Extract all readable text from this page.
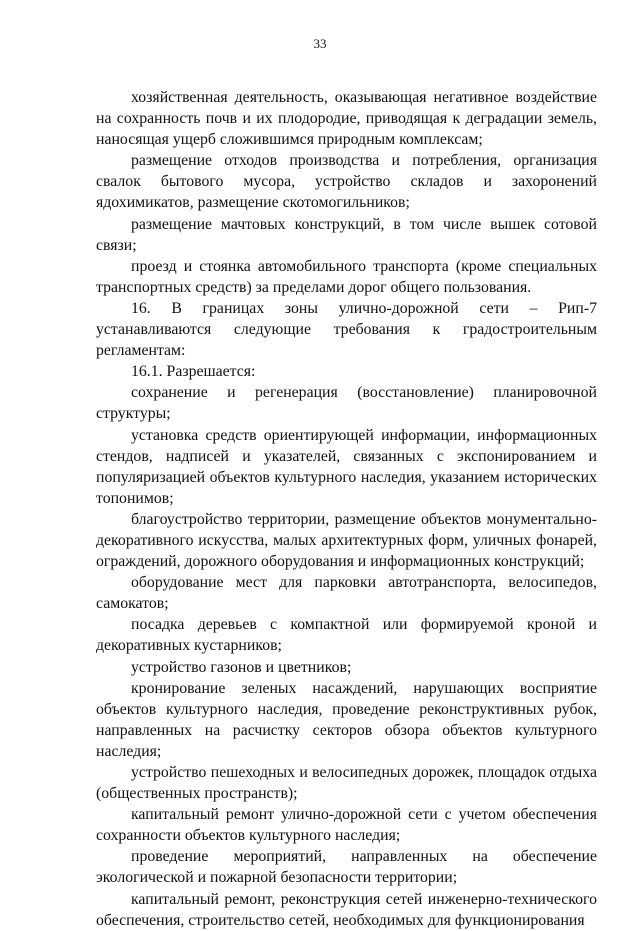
33

хозяйственная деятельность, оказывающая негативное воздействие на сохранность почв и их плодородие, приводящая к деградации земель, наносящая ущерб сложившимся природным комплексам;

размещение отходов производства и потребления, организация свалок бытового мусора, устройство складов и захоронений ядохимикатов, размещение скотомогильников;

размещение мачтовых конструкций, в том числе вышек сотовой связи;

проезд и стоянка автомобильного транспорта (кроме специальных транспортных средств) за пределами дорог общего пользования.

16. В границах зоны улично-дорожной сети – Рип-7 устанавливаются следующие требования к градостроительным регламентам:

16.1. Разрешается:

сохранение и регенерация (восстановление) планировочной структуры;

установка средств ориентирующей информации, информационных стендов, надписей и указателей, связанных с экспонированием и популяризацией объектов культурного наследия, указанием исторических топонимов;

благоустройство территории, размещение объектов монументально-декоративного искусства, малых архитектурных форм, уличных фонарей, ограждений, дорожного оборудования и информационных конструкций;

оборудование мест для парковки автотранспорта, велосипедов, самокатов;

посадка деревьев с компактной или формируемой кроной и декоративных кустарников;

устройство газонов и цветников;

кронирование зеленых насаждений, нарушающих восприятие объектов культурного наследия, проведение реконструктивных рубок, направленных на расчистку секторов обзора объектов культурного наследия;

устройство пешеходных и велосипедных дорожек, площадок отдыха (общественных пространств);

капитальный ремонт улично-дорожной сети с учетом обеспечения сохранности объектов культурного наследия;

проведение мероприятий, направленных на обеспечение экологической и пожарной безопасности территории;

капитальный ремонт, реконструкция сетей инженерно-технического обеспечения, строительство сетей, необходимых для функционирования
